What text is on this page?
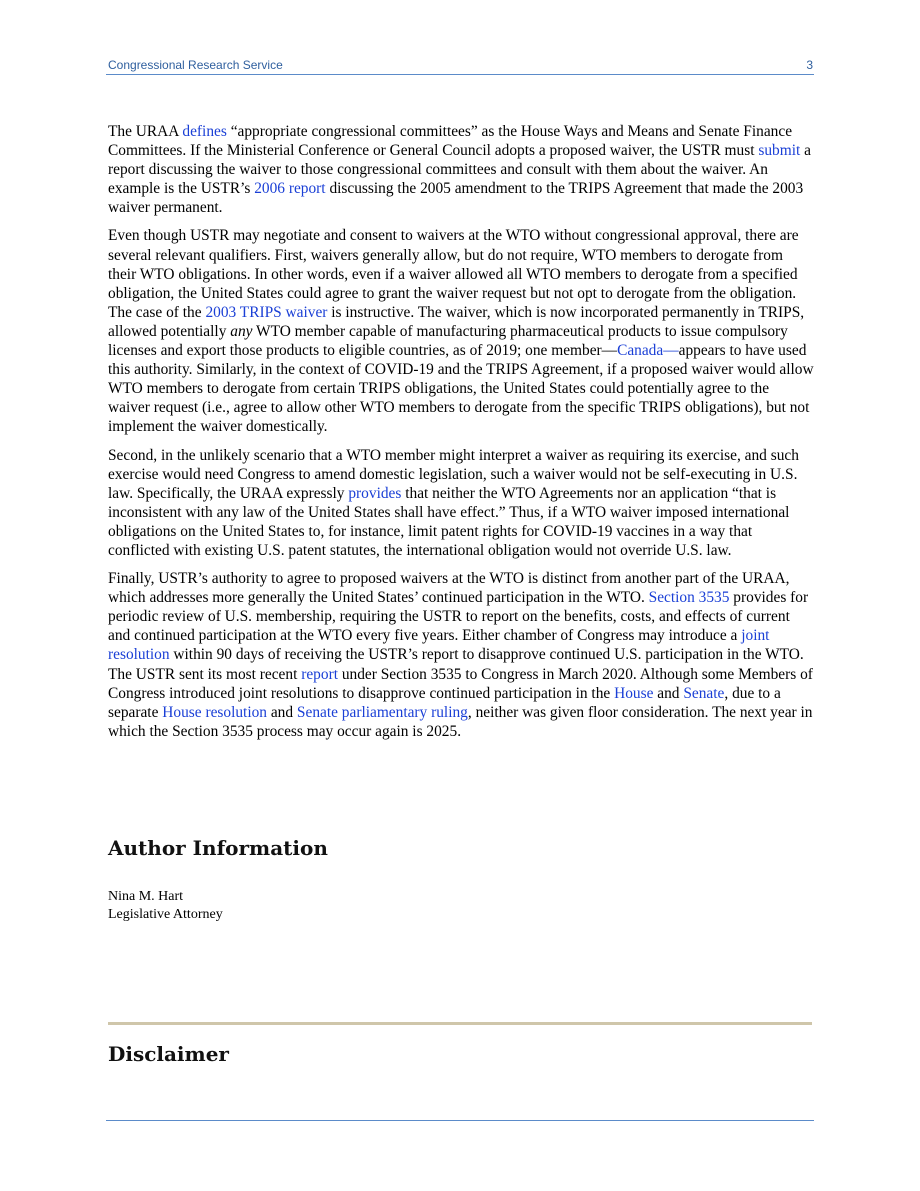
Congressional Research Service	3

The URAA defines “appropriate congressional committees” as the House Ways and Means and Senate Finance Committees. If the Ministerial Conference or General Council adopts a proposed waiver, the USTR must submit a report discussing the waiver to those congressional committees and consult with them about the waiver. An example is the USTR’s 2006 report discussing the 2005 amendment to the TRIPS Agreement that made the 2003 waiver permanent.

Even though USTR may negotiate and consent to waivers at the WTO without congressional approval, there are several relevant qualifiers. First, waivers generally allow, but do not require, WTO members to derogate from their WTO obligations. In other words, even if a waiver allowed all WTO members to derogate from a specified obligation, the United States could agree to grant the waiver request but not opt to derogate from the obligation. The case of the 2003 TRIPS waiver is instructive. The waiver, which is now incorporated permanently in TRIPS, allowed potentially any WTO member capable of manufacturing pharmaceutical products to issue compulsory licenses and export those products to eligible countries, as of 2019; one member—Canada—appears to have used this authority. Similarly, in the context of COVID-19 and the TRIPS Agreement, if a proposed waiver would allow WTO members to derogate from certain TRIPS obligations, the United States could potentially agree to the waiver request (i.e., agree to allow other WTO members to derogate from the specific TRIPS obligations), but not implement the waiver domestically.

Second, in the unlikely scenario that a WTO member might interpret a waiver as requiring its exercise, and such exercise would need Congress to amend domestic legislation, such a waiver would not be self-executing in U.S. law. Specifically, the URAA expressly provides that neither the WTO Agreements nor an application “that is inconsistent with any law of the United States shall have effect.” Thus, if a WTO waiver imposed international obligations on the United States to, for instance, limit patent rights for COVID-19 vaccines in a way that conflicted with existing U.S. patent statutes, the international obligation would not override U.S. law.

Finally, USTR’s authority to agree to proposed waivers at the WTO is distinct from another part of the URAA, which addresses more generally the United States’ continued participation in the WTO. Section 3535 provides for periodic review of U.S. membership, requiring the USTR to report on the benefits, costs, and effects of current and continued participation at the WTO every five years. Either chamber of Congress may introduce a joint resolution within 90 days of receiving the USTR’s report to disapprove continued U.S. participation in the WTO. The USTR sent its most recent report under Section 3535 to Congress in March 2020. Although some Members of Congress introduced joint resolutions to disapprove continued participation in the House and Senate, due to a separate House resolution and Senate parliamentary ruling, neither was given floor consideration. The next year in which the Section 3535 process may occur again is 2025.

Author Information
Nina M. Hart
Legislative Attorney
Disclaimer
